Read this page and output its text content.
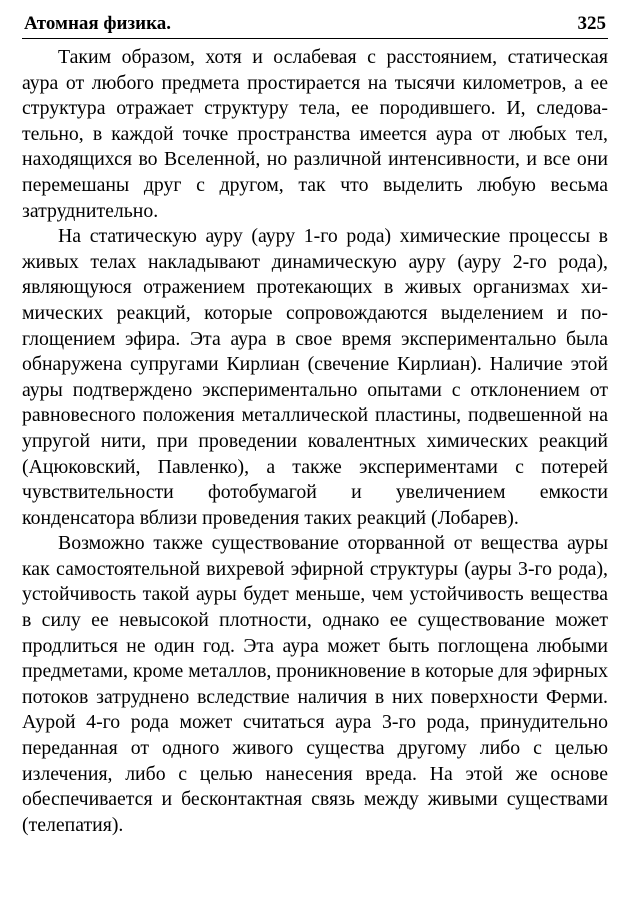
Атомная физика.	325

Таким образом, хотя и ослабевая с расстоянием, статическая аура от любого предмета простирается на тысячи километров, а ее структура отражает структуру тела, ее породившего. И, следовательно, в каждой точке пространства имеется аура от любых тел, находящихся во Вселенной, но различной интенсивности, и все они перемешаны друг с другом, так что выделить любую весьма затруднительно.

На статическую ауру (ауру 1-го рода) химические процессы в живых телах накладывают динамическую ауру (ауру 2-го рода), являющуюся отражением протекающих в живых организмах химических реакций, которые сопровождаются выделением и поглощением эфира. Эта аура в свое время экспериментально была обнаружена супругами Кирлиан (свечение Кирлиан). Наличие этой ауры подтверждено экспериментально опытами с отклонением от равновесного положения металлической пластины, подвешенной на упругой нити, при проведении ковалентных химических реакций (Ацюковский, Павленко), а также экспериментами с потерей чувствительности фотобумагой и увеличением емкости конденсатора вблизи проведения таких реакций (Лобарев).

Возможно также существование оторванной от вещества ауры как самостоятельной вихревой эфирной структуры (ауры 3-го рода), устойчивость такой ауры будет меньше, чем устойчивость вещества в силу ее невысокой плотности, однако ее существование может продлиться не один год. Эта аура может быть поглощена любыми предметами, кроме металлов, проникновение в которые для эфирных потоков затруднено вследствие наличия в них поверхности Ферми. Аурой 4-го рода может считаться аура 3-го рода, принудительно переданная от одного живого существа другому либо с целью излечения, либо с целью нанесения вреда. На этой же основе обеспечивается и бесконтактная связь между живыми существами (телепатия).
